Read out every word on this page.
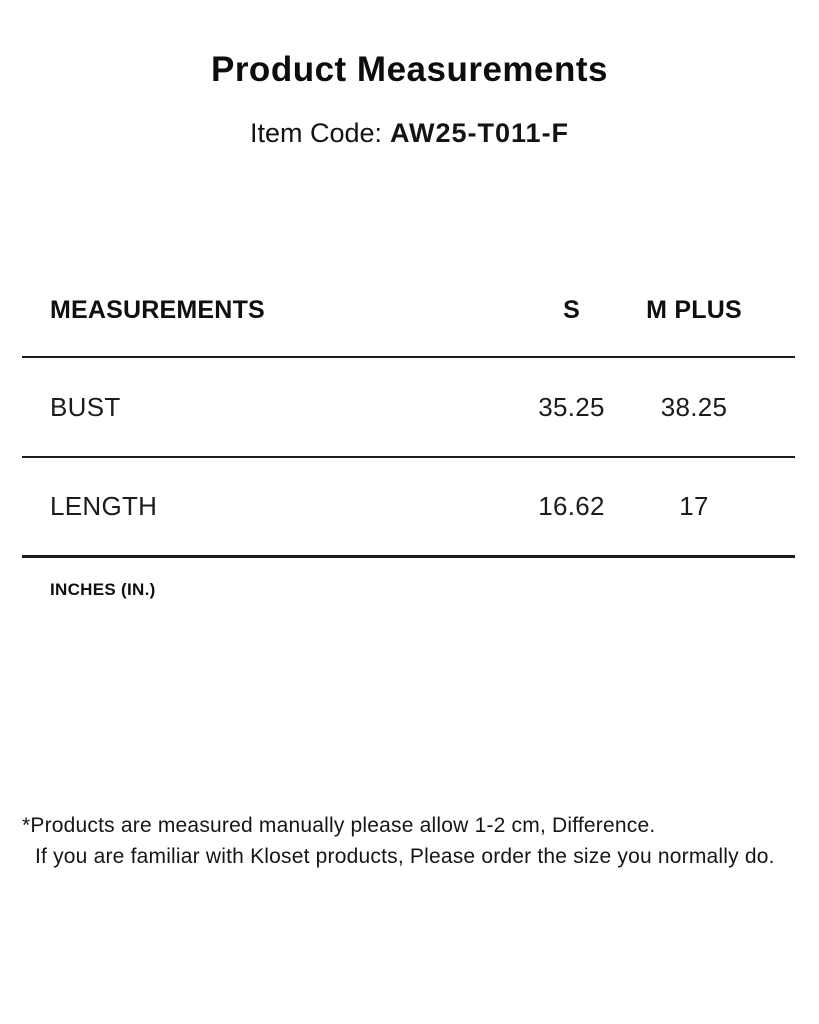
Product Measurements
Item Code: AW25-T011-F
MEASUREMENTS	S	M PLUS
BUST	35.25	38.25
LENGTH	16.62	17
INCHES (IN.)
*Products are measured manually please allow 1-2 cm, Difference.
If you are familiar with Kloset products, Please order the size you normally do.
